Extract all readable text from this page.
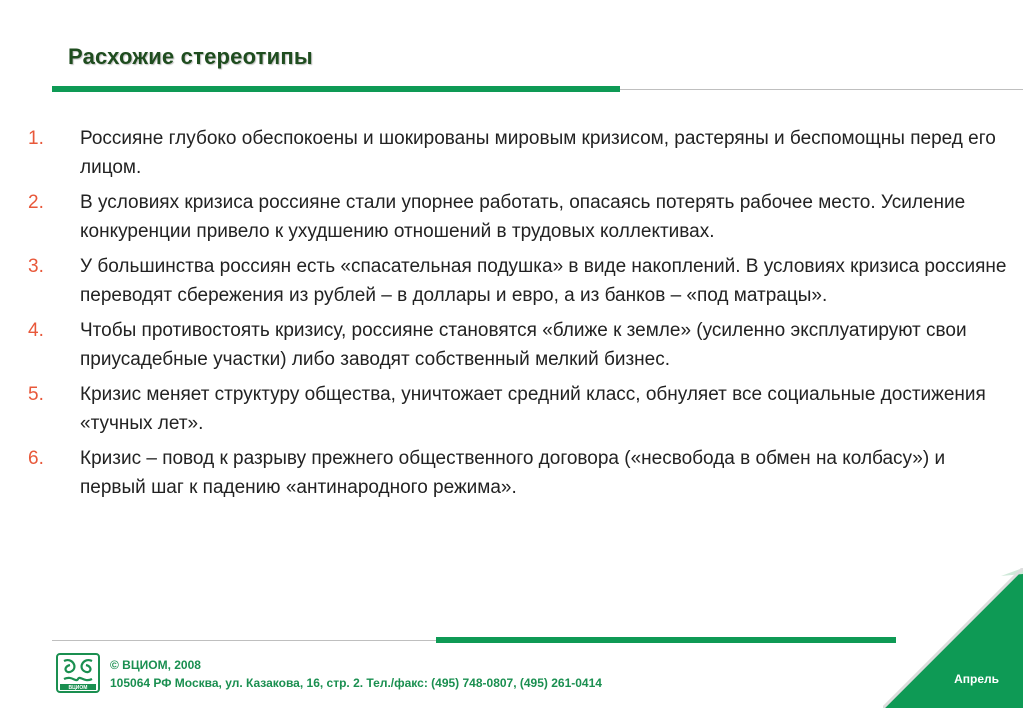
Расхожие стереотипы
1. Россияне глубоко обеспокоены и шокированы мировым кризисом, растеряны и беспомощны перед его лицом.
2. В условиях кризиса россияне стали упорнее работать, опасаясь потерять рабочее место. Усиление конкуренции привело к ухудшению отношений в трудовых коллективах.
3. У большинства россиян есть «спасательная подушка» в виде накоплений. В условиях кризиса россияне переводят сбережения из рублей – в доллары и евро, а из банков – «под матрацы».
4. Чтобы противостоять кризису, россияне становятся «ближе к земле» (усиленно эксплуатируют свои приусадебные участки) либо заводят собственный мелкий бизнес.
5. Кризис меняет структуру общества, уничтожает средний класс, обнуляет все социальные достижения «тучных лет».
6. Кризис – повод к разрыву прежнего общественного договора («несвобода в обмен на колбасу») и первый шаг к падению «антинародного режима».
ВЦИОМ
© ВЦИОМ, 2008
105064 РФ Москва, ул. Казакова, 16, стр. 2. Тел./факс: (495) 748-0807, (495) 261-0414	Апрель
